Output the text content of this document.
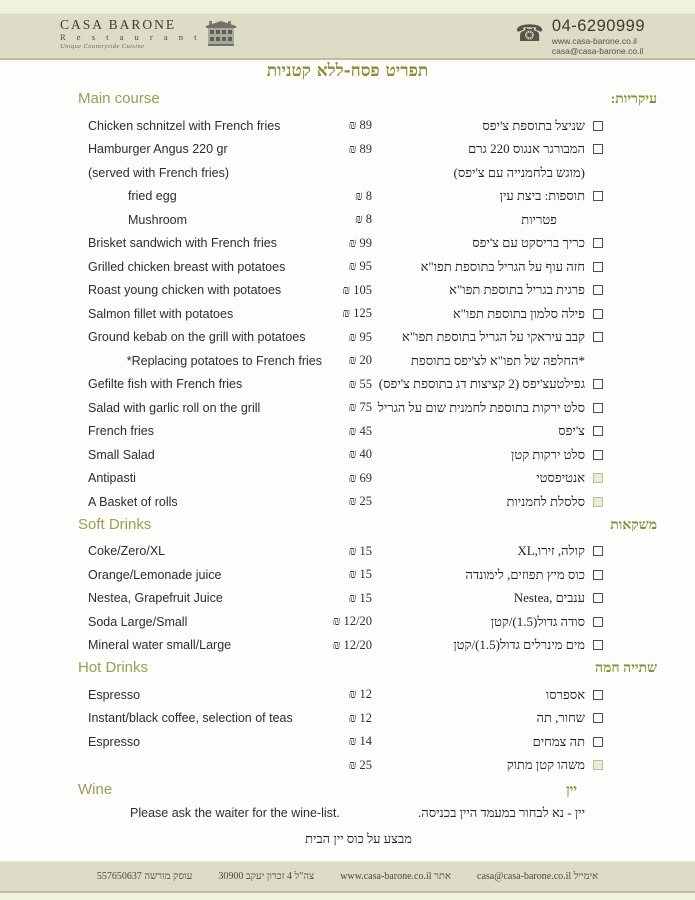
CASA BARONE
R e s t a u r a n t
Unique Countryside Cuisine
☎ 04-6290999
www.casa-barone.co.il
casa@casa-barone.co.il
תפריט פסח-ללא קטניות
Main course	עיקריות:
Chicken schnitzel with French fries	₪ 89	שניצל בתוספת צ'יפס
Hamburger Angus 220 gr	₪ 89	המבורגר אנגוס 220 גרם
(served with French fries)	(מוגש בלחמנייה עם צ'יפס)
fried egg	₪ 8	תוספות: ביצת עין
Mushroom	₪ 8	פטריות
Brisket sandwich with French fries	₪ 99	כריך בריסקט עם צ'יפס
Grilled chicken breast with potatoes	₪ 95	חזה עוף על הגריל בתוספת תפו"א
Roast young chicken with potatoes	₪ 105	פרגית בגריל בתוספת תפו"א
Salmon fillet with potatoes	₪ 125	פילה סלמון בתוספת תפו"א
Ground kebab on the grill with potatoes	₪ 95	קבב עיראקי על הגריל בתוספת תפו"א
*Replacing potatoes to French fries	₪ 20	*החלפה של תפו"א לצ'יפס בתוספת
Gefilte fish with French fries	₪ 55 גפילטעצ'יפס (2 קציצות דג בתוספת צ'יפס)
Salad with garlic roll on the grill	₪ 75 סלט ירקות בתוספת לחמנית שום על הגריל
French fries	₪ 45	צ'יפס
Small Salad	₪ 40	סלט ירקות קטן
Antipasti	₪ 69	אנטיפסטי
A Basket of rolls	₪ 25	סלסלת לחמניות
Soft Drinks	משקאות
Coke/Zero/XL	₪ 15	קולה, זירו,XL
Orange/Lemonade juice	₪ 15	כוס מיץ תפוזים, לימונדה
Nestea, Grapefruit Juice	₪ 15	Nestea, ענבים
Soda Large/Small	₪ 12/20	סודה גדול(1.5)/קטן
Mineral water small/Large	₪ 12/20	מים מינרלים גדול(1.5)/קטן
Hot Drinks	שתייה חמה
Espresso	₪ 12	אספרסו
Instant/black coffee, selection of teas	₪ 12	שחור, תה
Espresso	₪ 14	תה צמחים
₪ 25	משהו קטן מתוק
Wine	יין
Please ask the waiter for the wine-list.	יין - נא לבחור במעמד היין בכניסה.
מבצע על כוס יין הבית
אימייל casa@casa-barone.co.il
אתר www.casa-barone.co.il
צה"ל 4 זכרון יעקב 30900
עוסק מורשה 557650637
